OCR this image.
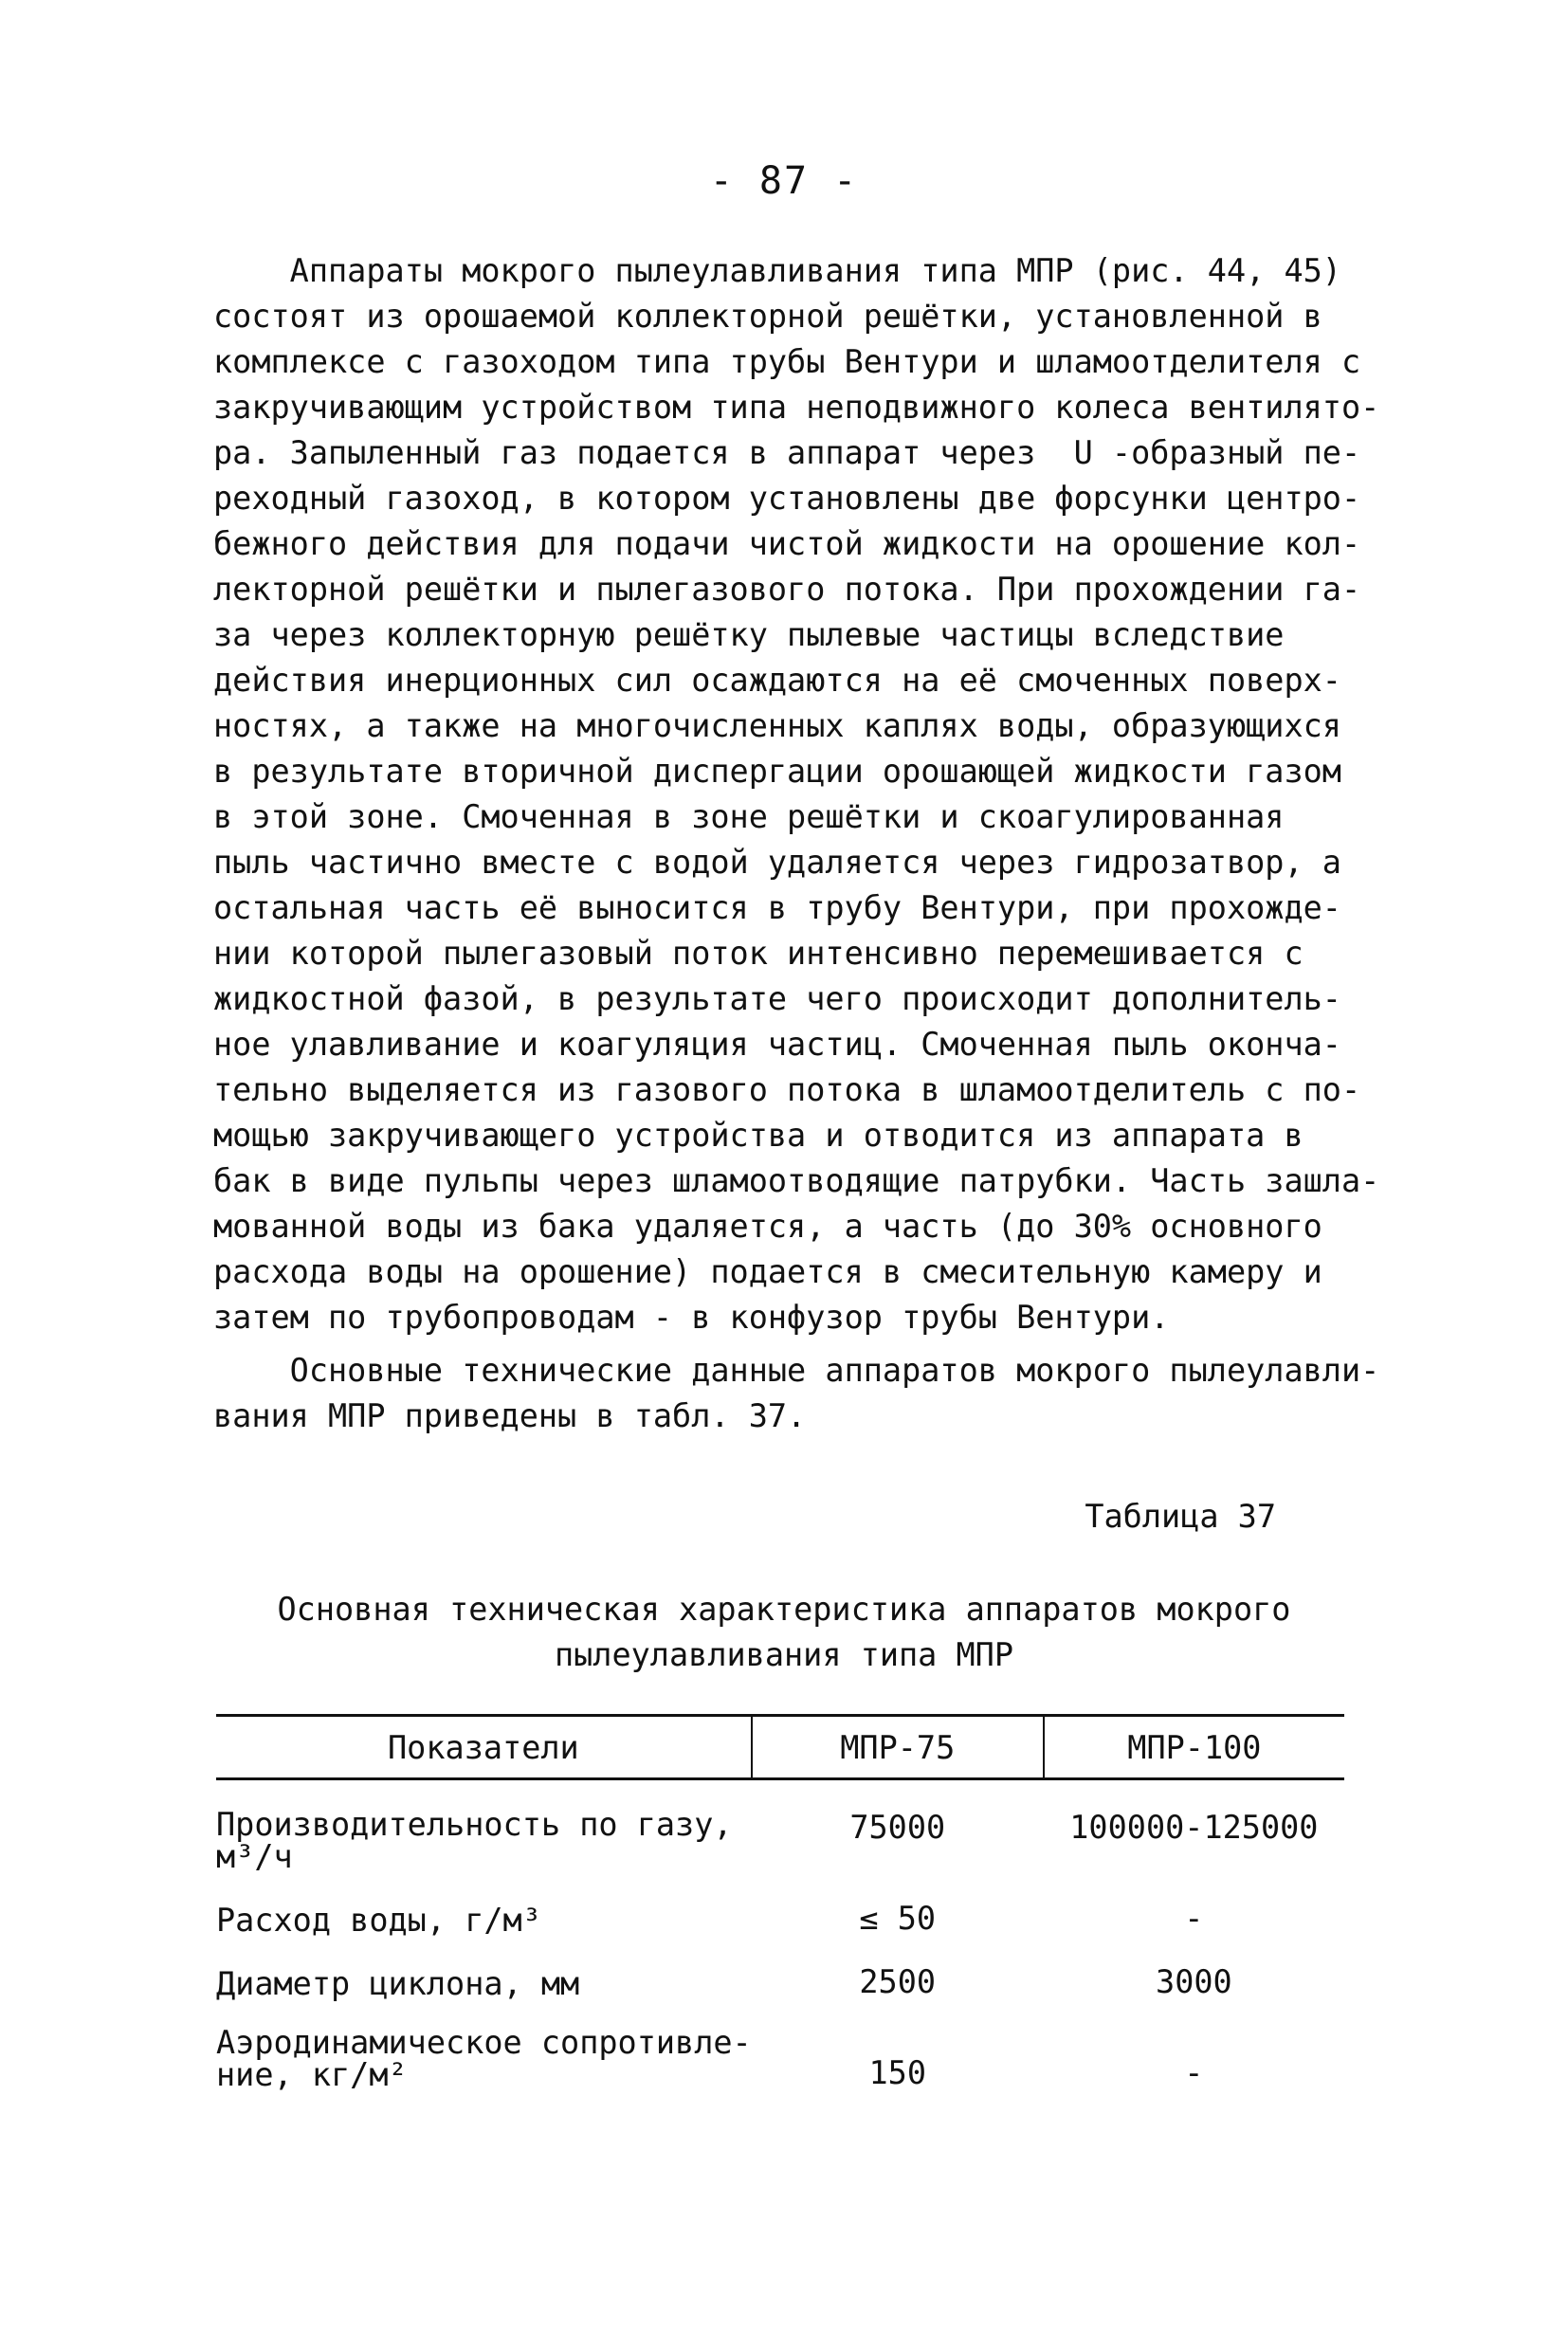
- 87 -
Аппараты мокрого пылеулавливания типа МПР (рис. 44, 45)
состоят из орошаемой коллекторной решётки, установленной в
комплексе с газоходом типа трубы Вентури и шламоотделителя с
закручивающим устройством типа неподвижного колеса вентилято-
ра. Запыленный газ подается в аппарат через  U -образный пе-
реходный газоход, в котором установлены две форсунки центро-
бежного действия для подачи чистой жидкости на орошение кол-
лекторной решётки и пылегазового потока. При прохождении га-
за через коллекторную решётку пылевые частицы вследствие
действия инерционных сил осаждаются на её смоченных поверх-
ностях, а также на многочисленных каплях воды, образующихся
в результате вторичной диспергации орошающей жидкости газом
в этой зоне. Смоченная в зоне решётки и скоагулированная
пыль частично вместе с водой удаляется через гидрозатвор, а
остальная часть её выносится в трубу Вентури, при прохожде-
нии которой пылегазовый поток интенсивно перемешивается с
жидкостной фазой, в результате чего происходит дополнитель-
ное улавливание и коагуляция частиц. Смоченная пыль оконча-
тельно выделяется из газового потока в шламоотделитель с по-
мощью закручивающего устройства и отводится из аппарата в
бак в виде пульпы через шламоотводящие патрубки. Часть зашла-
мованной воды из бака удаляется, а часть (до 30% основного
расхода воды на орошение) подается в смесительную камеру и
затем по трубопроводам - в конфузор трубы Вентури.
Основные технические данные аппаратов мокрого пылеулавли-
вания МПР приведены в табл. 37.
Таблица 37
Основная техническая характеристика аппаратов мокрого
пылеулавливания типа МПР
Показатели	МПР-75	МПР-100

Производительность по газу,
м³/ч	75000	100000-125000

Расход воды, г/м³	≤ 50	-

Диаметр циклона, мм	2500	3000

Аэродинамическое сопротивле-
ние, кг/м²	150	-
